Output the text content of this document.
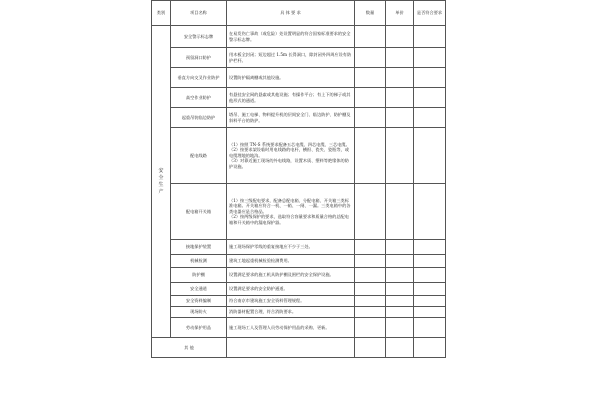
类别	项目名称	具 体 要 求	数量	单价	是否符合要求
安全生产	安全警示标志牌	在易发伤亡事故（或危险）处设置明显的符合国家标准要求的安全警示标志牌。			

	预留洞口防护	用木板全封闭；短边超过 1.5m 长得洞口，除封闭外四周应设有防护栏杆。			

	垂直方向交叉作业防护	设置防护隔离棚或其他设施。			

	高空作业防护	有悬挂安全网的悬索或其他设施；有操作平台；有上下的梯子或其他形式的通道。			

	起重吊装临边防护	塔吊、施工电梯、物料提升机的层间安全门、临边防护、防护棚及斜料平台的防护。			

	配电线路	（1）按照 TN-S 系统要求配备五芯电缆、四芯电缆、三芯电缆。
（2）按要求架设临时用电线路的电杆，横担、瓷夹、瓷瓶等，或电缆埋地的地沟。
（3）对靠近施工现场的外电线路，设置木质、塑料等绝缘体的防护设施。			

	配电箱开关箱	（1）按三级配电要求，配备总配电箱、分配电箱、开关箱三类标准电箱。开关箱应符合一机、一箱、一闸、一漏。三类电箱中的各类电器应是合格品。
（2）按两级保护的要求，选取符合容量要求和质量合格的总配电箱和开关箱中的漏电保护器。			

	接地保护装置	施工现场保护零线的重复接地应不少于三处。			

	机械检测	建筑工地起重机械检验检测费用。			

	防护棚	设置满足要求的施工机具防护棚及围栏的安全保护设施。			

	安全通道	设置满足要求的安全防护通道。			

	安全资料编制	符合南京市建筑施工安全资料管理规程。			

	现场防火	消防器材配置合理，符合消防要求。			

	劳动保护用品	施工现场工人及管理人员劳动保护用品的采购、更新。			

其 他					
